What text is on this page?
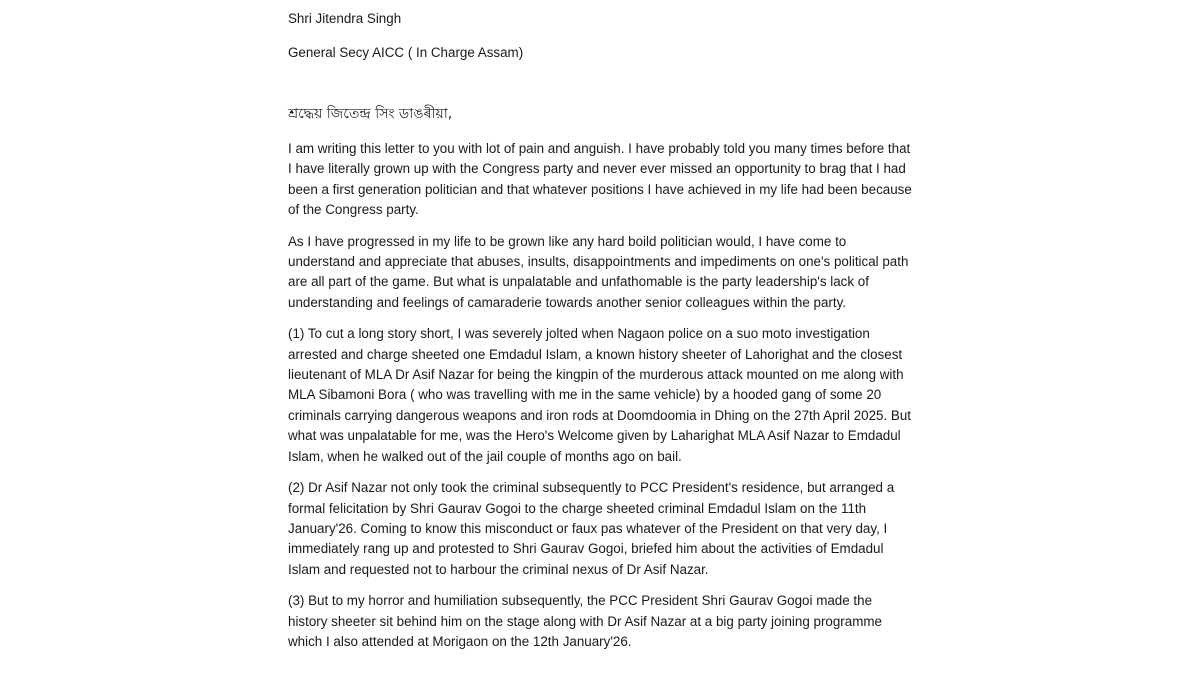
Shri Jitendra Singh

General Secy AICC ( In Charge Assam)

শ্ৰদ্ধেয় জিতেন্দ্ৰ সিং ডাঙৰীয়া,

I am writing this letter to you with lot of pain and anguish. I have probably told you many times before that I have literally grown up with the Congress party and never ever missed an opportunity to brag that I had been a first generation politician and that whatever positions I have achieved in my life had been because of the Congress party.

As I have progressed in my life to be grown like any hard boild politician would, I have come to understand and appreciate that abuses, insults, disappointments and impediments on one's political path are all part of the game. But what is unpalatable and unfathomable is the party leadership's lack of understanding and feelings of camaraderie towards another senior colleagues within the party.

(1) To cut a long story short, I was severely jolted when Nagaon police on a suo moto investigation arrested and charge sheeted one Emdadul Islam, a known history sheeter of Lahorighat and the closest lieutenant of MLA Dr Asif Nazar for being the kingpin of the murderous attack mounted on me along with MLA Sibamoni Bora ( who was travelling with me in the same vehicle) by a hooded gang of some 20 criminals carrying dangerous weapons and iron rods at Doomdoomia in Dhing on the 27th April 2025. But what was unpalatable for me, was the Hero's Welcome given by Laharighat MLA Asif Nazar to Emdadul Islam, when he walked out of the jail couple of months ago on bail.

(2) Dr Asif Nazar not only took the criminal subsequently to PCC President's residence, but arranged a formal felicitation by Shri Gaurav Gogoi to the charge sheeted criminal Emdadul Islam on the 11th January'26. Coming to know this misconduct or faux pas whatever of the President on that very day, I immediately rang up and protested to Shri Gaurav Gogoi, briefed him about the activities of Emdadul Islam and requested not to harbour the criminal nexus of Dr Asif Nazar.

(3) But to my horror and humiliation subsequently, the PCC President Shri Gaurav Gogoi made the history sheeter sit behind him on the stage along with Dr Asif Nazar at a big party joining programme which I also attended at Morigaon on the 12th January'26.
